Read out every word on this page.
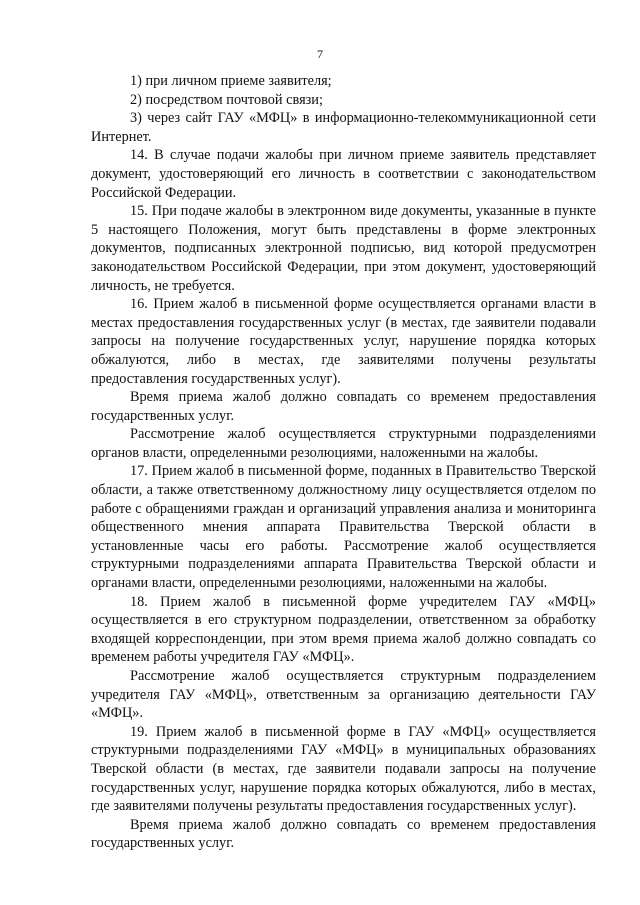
7

1) при личном приеме заявителя;

2) посредством почтовой связи;

3) через сайт ГАУ «МФЦ» в информационно-телекоммуникационной сети Интернет.

14. В случае подачи жалобы при личном приеме заявитель представляет документ, удостоверяющий его личность в соответствии с законодательством Российской Федерации.

15. При подаче жалобы в электронном виде документы, указанные в пункте 5 настоящего Положения, могут быть представлены в форме электронных документов, подписанных электронной подписью, вид которой предусмотрен законодательством Российской Федерации, при этом документ, удостоверяющий личность, не требуется.

16. Прием жалоб в письменной форме осуществляется органами власти в местах предоставления государственных услуг (в местах, где заявители подавали запросы на получение государственных услуг, нарушение порядка которых обжалуются, либо в местах, где заявителями получены результаты предоставления государственных услуг).

Время приема жалоб должно совпадать со временем предоставления государственных услуг.

Рассмотрение жалоб осуществляется структурными подразделениями органов власти, определенными резолюциями, наложенными на жалобы.

17. Прием жалоб в письменной форме, поданных в Правительство Тверской области, а также ответственному должностному лицу осуществляется отделом по работе с обращениями граждан и организаций управления анализа и мониторинга общественного мнения аппарата Правительства Тверской области в установленные часы его работы. Рассмотрение жалоб осуществляется структурными подразделениями аппарата Правительства Тверской области и органами власти, определенными резолюциями, наложенными на жалобы.

18. Прием жалоб в письменной форме учредителем ГАУ «МФЦ» осуществляется в его структурном подразделении, ответственном за обработку входящей корреспонденции, при этом время приема жалоб должно совпадать со временем работы учредителя ГАУ «МФЦ».

Рассмотрение жалоб осуществляется структурным подразделением учредителя ГАУ «МФЦ», ответственным за организацию деятельности ГАУ «МФЦ».

19. Прием жалоб в письменной форме в ГАУ «МФЦ» осуществляется структурными подразделениями ГАУ «МФЦ» в муниципальных образованиях Тверской области (в местах, где заявители подавали запросы на получение государственных услуг, нарушение порядка которых обжалуются, либо в местах, где заявителями получены результаты предоставления государственных услуг).

Время приема жалоб должно совпадать со временем предоставления государственных услуг.
